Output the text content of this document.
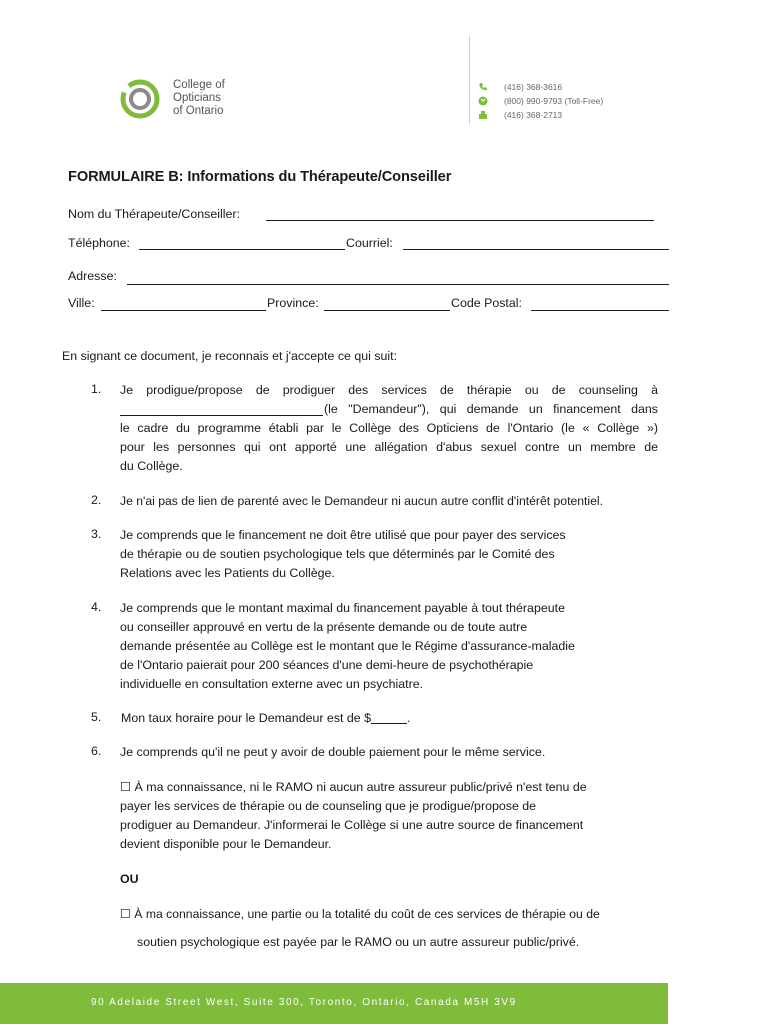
College of
Opticians
of Ontario
(416) 368-3616
(800) 990-9793 (Toll-Free)
(416) 368-2713
FORMULAIRE B: Informations du Thérapeute/Conseiller
Nom du Thérapeute/Conseiller:
Téléphone:	Courriel:
Adresse:
Ville:	Province:	Code Postal:
En signant ce document, je reconnais et j'accepte ce qui suit:
1. Je prodigue/propose de prodiguer des services de thérapie ou de counseling à
(le "Demandeur"), qui demande un financement dans
le cadre du programme établi par le Collège des Opticiens de l'Ontario (le « Collège »)
pour les personnes qui ont apporté une allégation d'abus sexuel contre un membre de
du Collège.
2. Je n'ai pas de lien de parenté avec le Demandeur ni aucun autre conflit d'intérêt potentiel.
3. Je comprends que le financement ne doit être utilisé que pour payer des services
de thérapie ou de soutien psychologique tels que déterminés par le Comité des
Relations avec les Patients du Collège.
4. Je comprends que le montant maximal du financement payable à tout thérapeute
ou conseiller approuvé en vertu de la présente demande ou de toute autre
demande présentée au Collège est le montant que le Régime d'assurance-maladie
de l'Ontario paierait pour 200 séances d'une demi-heure de psychothérapie
individuelle en consultation externe avec un psychiatre.
5. Mon taux horaire pour le Demandeur est de $	.
6. Je comprends qu'il ne peut y avoir de double paiement pour le même service.
☐ À ma connaissance, ni le RAMO ni aucun autre assureur public/privé n'est tenu de
payer les services de thérapie ou de counseling que je prodigue/propose de
prodiguer au Demandeur. J'informerai le Collège si une autre source de financement
devient disponible pour le Demandeur.
OU
☐ À ma connaissance, une partie ou la totalité du coût de ces services de thérapie ou de
soutien psychologique est payée par le RAMO ou un autre assureur public/privé.
90 Adelaide Street West, Suite 300, Toronto, Ontario, Canada M5H 3V9
